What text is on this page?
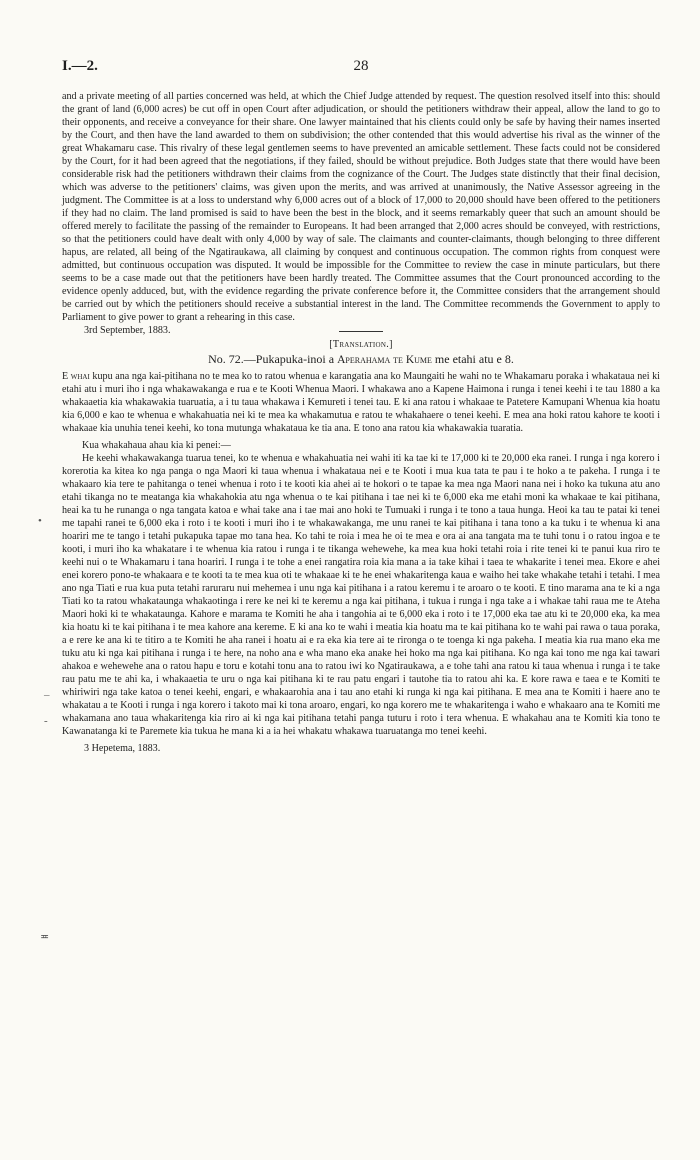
•
–
-
≖
I.—2.	28

and a private meeting of all parties concerned was held, at which the Chief Judge attended by request. The question resolved itself into this: should the grant of land (6,000 acres) be cut off in open Court after adjudication, or should the petitioners withdraw their appeal, allow the land to go to their opponents, and receive a conveyance for their share. One lawyer maintained that his clients could only be safe by having their names inserted by the Court, and then have the land awarded to them on subdivision; the other contended that this would advertise his rival as the winner of the great Whakamaru case. This rivalry of these legal gentlemen seems to have prevented an amicable settlement. These facts could not be considered by the Court, for it had been agreed that the negotiations, if they failed, should be without prejudice. Both Judges state that there would have been considerable risk had the petitioners withdrawn their claims from the cognizance of the Court. The Judges state distinctly that their final decision, which was adverse to the petitioners' claims, was given upon the merits, and was arrived at unanimously, the Native Assessor agreeing in the judgment. The Committee is at a loss to understand why 6,000 acres out of a block of 17,000 to 20,000 should have been offered to the petitioners if they had no claim. The land promised is said to have been the best in the block, and it seems remarkably queer that such an amount should be offered merely to facilitate the passing of the remainder to Europeans. It had been arranged that 2,000 acres should be conveyed, with restrictions, so that the petitioners could have dealt with only 4,000 by way of sale. The claimants and counter-claimants, though belonging to three different hapus, are related, all being of the Ngatiraukawa, all claiming by conquest and continuous occupation. The common rights from conquest were admitted, but continuous occupation was disputed. It would be impossible for the Committee to review the case in minute particulars, but there seems to be a case made out that the petitioners have been hardly treated. The Committee assumes that the Court pronounced according to the evidence openly adduced, but, with the evidence regarding the private conference before it, the Committee considers that the arrangement should be carried out by which the petitioners should receive a substantial interest in the land. The Committee recommends the Government to apply to Parliament to give power to grant a rehearing in this case.

3rd September, 1883.

[Translation.]
No. 72.—Pukapuka-inoi a Aperahama te Kume me etahi atu e 8.

E whai kupu ana nga kai-pitihana no te mea ko to ratou whenua e karangatia ana ko Maungaiti he wahi no te Whakamaru poraka i whakataua nei ki etahi atu i muri iho i nga whakawakanga e rua e te Kooti Whenua Maori. I whakawa ano a Kapene Haimona i runga i tenei keehi i te tau 1880 a ka whakaaetia kia whakawakia tuaruatia, a i tu taua whakawa i Kemureti i tenei tau. E ki ana ratou i whakaae te Patetere Kamupani Whenua kia hoatu kia 6,000 e kao te whenua e whakahuatia nei ki te mea ka whakamutua e ratou te whakahaere o tenei keehi. E mea ana hoki ratou kahore te kooti i whakaae kia unuhia tenei keehi, ko tona mutunga whakataua ke tia ana. E tono ana ratou kia whakawakia tuaratia.

Kua whakahaua ahau kia ki penei:—

He keehi whakawakanga tuarua tenei, ko te whenua e whakahuatia nei wahi iti ka tae ki te 17,000 ki te 20,000 eka ranei. I runga i nga korero i korerotia ka kitea ko nga panga o nga Maori ki taua whenua i whakataua nei e te Kooti i mua kua tata te pau i te hoko a te pakeha. I runga i te whakaaro kia tere te pahitanga o tenei whenua i roto i te kooti kia ahei ai te hokori o te tapae ka mea nga Maori nana nei i hoko ka tukuna atu ano etahi tikanga no te meatanga kia whakahokia atu nga whenua o te kai pitihana i tae nei ki te 6,000 eka me etahi moni ka whakaae te kai pitihana, heai ka tu he runanga o nga tangata katoa e whai take ana i tae mai ano hoki te Tumuaki i runga i te tono a taua hunga. Heoi ka tau te patai ki tenei me tapahi ranei te 6,000 eka i roto i te kooti i muri iho i te whakawakanga, me unu ranei te kai pitihana i tana tono a ka tuku i te whenua ki ana hoariri me te tango i tetahi pukapuka tapae mo tana hea. Ko tahi te roia i mea he oi te mea e ora ai ana tangata ma te tuhi tonu i o ratou ingoa e te kooti, i muri iho ka whakatare i te whenua kia ratou i runga i te tikanga wehewehe, ka mea kua hoki tetahi roia i rite tenei ki te panui kua riro te keehi nui o te Whakamaru i tana hoariri. I runga i te tohe a enei rangatira roia kia mana a ia take kihai i taea te whakarite i tenei mea. Ekore e ahei enei korero pono-te whakaara e te kooti ta te mea kua oti te whakaae ki te he enei whakaritenga kaua e waiho hei take whakahe tetahi i tetahi. I mea ano nga Tiati e rua kua puta tetahi raruraru nui mehemea i unu nga kai pitihana i a ratou keremu i te aroaro o te kooti. E tino marama ana te ki a nga Tiati ko ta ratou whakataunga whakaotinga i rere ke nei ki te keremu a nga kai pitihana, i tukua i runga i nga take a i whakae tahi raua me te Ateha Maori hoki ki te whakataunga. Kahore e marama te Komiti he aha i tangohia ai te 6,000 eka i roto i te 17,000 eka tae atu ki te 20,000 eka, ka mea kia hoatu ki te kai pitihana i te mea kahore ana kereme. E ki ana ko te wahi i meatia kia hoatu ma te kai pitihana ko te wahi pai rawa o taua poraka, a e rere ke ana ki te titiro a te Komiti he aha ranei i hoatu ai e ra eka kia tere ai te rironga o te toenga ki nga pakeha. I meatia kia rua mano eka me tuku atu ki nga kai pitihana i runga i te here, na noho ana e wha mano eka anake hei hoko ma nga kai pitihana. Ko nga kai tono me nga kai tawari ahakoa e wehewehe ana o ratou hapu e toru e kotahi tonu ana to ratou iwi ko Ngatiraukawa, a e tohe tahi ana ratou ki taua whenua i runga i te take rau patu me te ahi ka, i whakaaetia te uru o nga kai pitihana ki te rau patu engari i tautohe tia to ratou ahi ka. E kore rawa e taea e te Komiti te whiriwiri nga take katoa o tenei keehi, engari, e whakaarohia ana i tau ano etahi ki runga ki nga kai pitihana. E mea ana te Komiti i haere ano te whakatau a te Kooti i runga i nga korero i takoto mai ki tona aroaro, engari, ko nga korero me te whakaritenga i waho e whakaaro ana te Komiti me whakamana ano taua whakaritenga kia riro ai ki nga kai pitihana tetahi panga tuturu i roto i tera whenua. E whakahau ana te Komiti kia tono te Kawanatanga ki te Paremete kia tukua he mana ki a ia hei whakatu whakawa tuaruatanga mo tenei keehi.

3 Hepetema, 1883.
